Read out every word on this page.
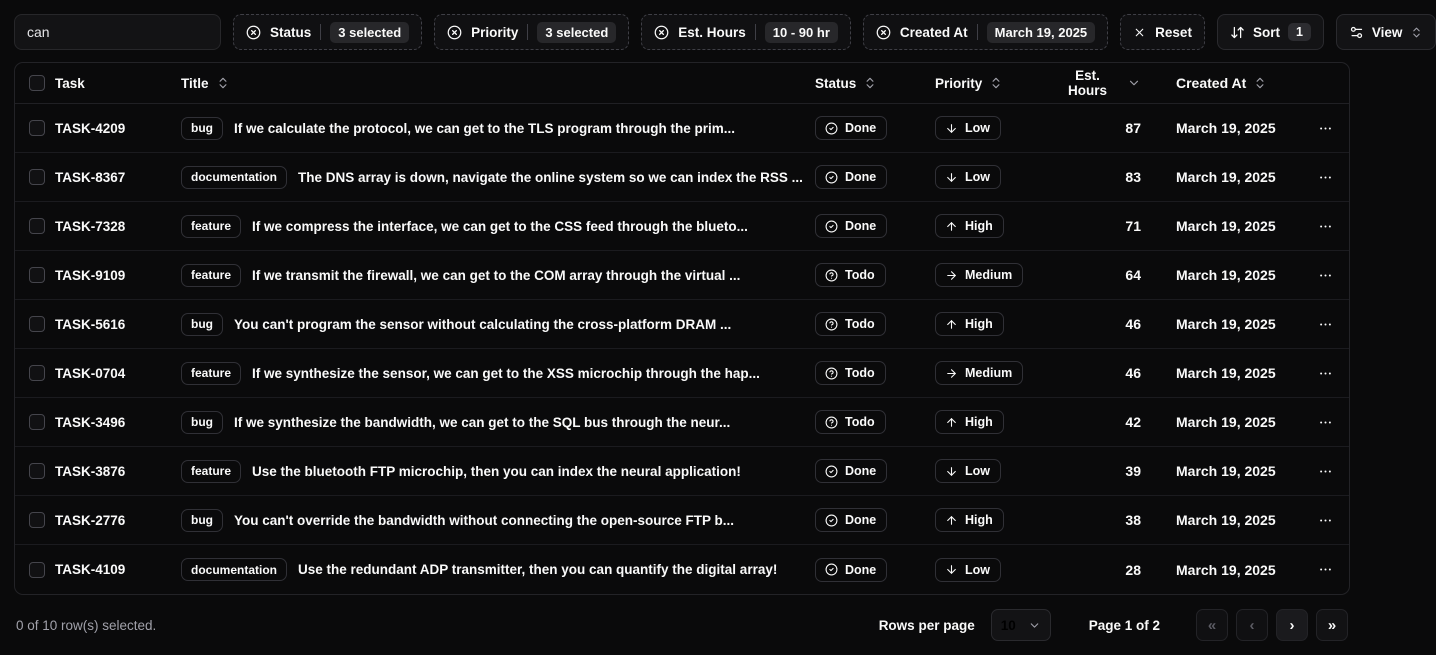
can
Status	3 selected	Priority	3 selected	Est. Hours	10 - 90 hr	Created At	March 19, 2025	Reset	Sort	1	View
Task	Title	Status	Priority	Est. Hours	Created At
TASK-4209	bug	If we calculate the protocol, we can get to the TLS program through the prim...	Done	Low	87	March 19, 2025
TASK-8367	documentation	The DNS array is down, navigate the online system so we can index the RSS ...	Done	Low	83	March 19, 2025
TASK-7328	feature	If we compress the interface, we can get to the CSS feed through the blueto...	Done	High	71	March 19, 2025
TASK-9109	feature	If we transmit the firewall, we can get to the COM array through the virtual ...	Todo	Medium	64	March 19, 2025
TASK-5616	bug	You can't program the sensor without calculating the cross-platform DRAM ...	Todo	High	46	March 19, 2025
TASK-0704	feature	If we synthesize the sensor, we can get to the XSS microchip through the hap...	Todo	Medium	46	March 19, 2025
TASK-3496	bug	If we synthesize the bandwidth, we can get to the SQL bus through the neur...	Todo	High	42	March 19, 2025
TASK-3876	feature	Use the bluetooth FTP microchip, then you can index the neural application!	Done	Low	39	March 19, 2025
TASK-2776	bug	You can't override the bandwidth without connecting the open-source FTP b...	Done	High	38	March 19, 2025
TASK-4109	documentation	Use the redundant ADP transmitter, then you can quantify the digital array!	Done	Low	28	March 19, 2025
0 of 10 row(s) selected.	Rows per page 10	Page 1 of 2	«	‹	›	»
